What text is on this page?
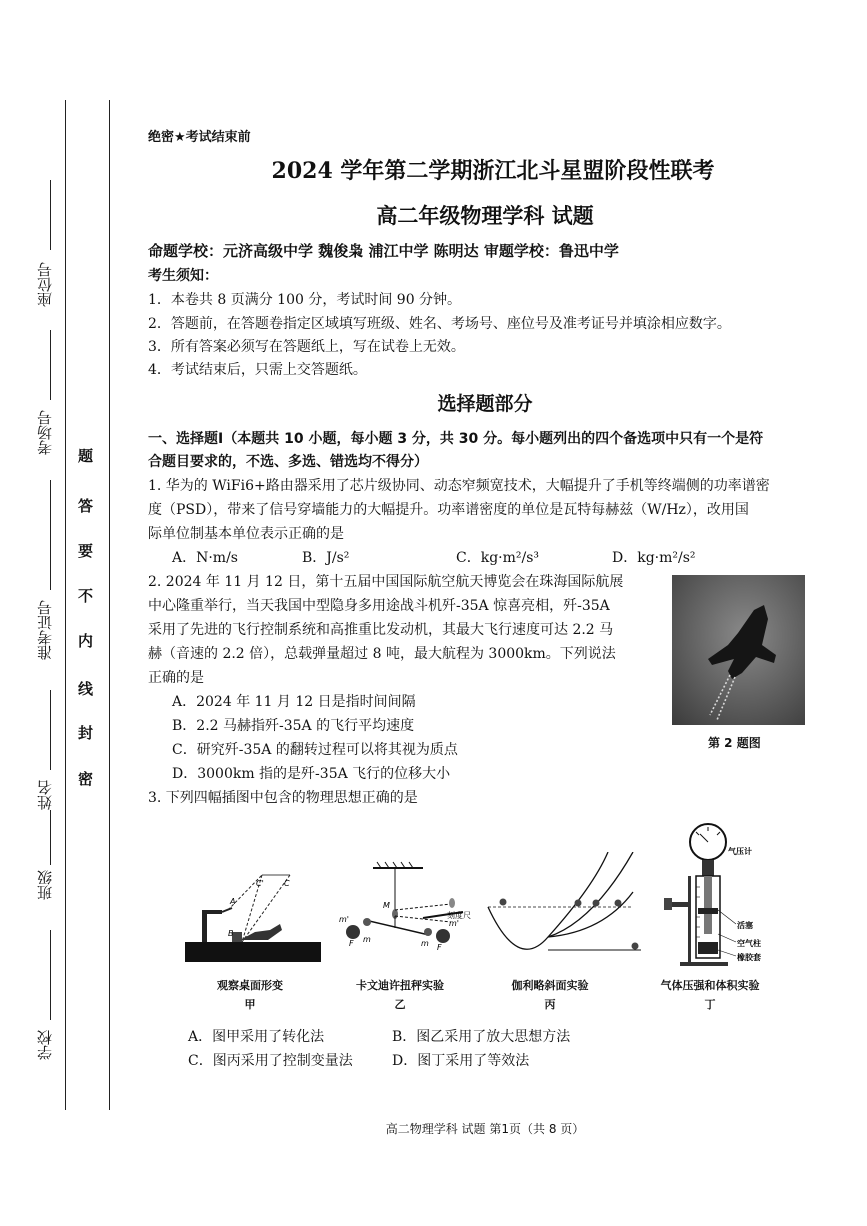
座位号
考场号
准考证号
姓名
班级
学校
题
答
要
不
内
线
封
密
绝密★考试结束前
2024 学年第二学期浙江北斗星盟阶段性联考
高二年级物理学科 试题
命题学校：元济高级中学 魏俊枭 浦江中学 陈明达 审题学校：鲁迅中学
考生须知：
1．本卷共 8 页满分 100 分，考试时间 90 分钟。
2．答题前，在答题卷指定区域填写班级、姓名、考场号、座位号及准考证号并填涂相应数字。
3．所有答案必须写在答题纸上，写在试卷上无效。
4．考试结束后，只需上交答题纸。
选择题部分
一、选择题Ⅰ（本题共 10 小题，每小题 3 分，共 30 分。每小题列出的四个备选项中只有一个是符
合题目要求的，不选、多选、错选均不得分）
1. 华为的 WiFi6+路由器采用了芯片级协同、动态窄频宽技术，大幅提升了手机等终端侧的功率谱密
度（PSD），带来了信号穿墙能力的大幅提升。功率谱密度的单位是瓦特每赫兹（W/Hz），改用国
际单位制基本单位表示正确的是
A．N·m/s	B．J/s²	C．kg·m²/s³	D．kg·m²/s²
2. 2024 年 11 月 12 日，第十五届中国国际航空航天博览会在珠海国际航展
中心隆重举行，当天我国中型隐身多用途战斗机歼-35A 惊喜亮相，歼-35A
采用了先进的飞行控制系统和高推重比发动机，其最大飞行速度可达 2.2 马
赫（音速的 2.2 倍），总载弹量超过 8 吨，最大航程为 3000km。下列说法
正确的是
A．2024 年 11 月 12 日是指时间间隔
B．2.2 马赫指歼-35A 的飞行平均速度
C．研究歼-35A 的翻转过程可以将其视为质点
D．3000km 指的是歼-35A 飞行的位移大小
第 2 题图
3. 下列四幅插图中包含的物理思想正确的是
C'	C
A
B
m'
m
m'
m
M
F	F
刻度尺
气压计
活塞
空气柱
橡胶套
观察桌面形变
甲
卡文迪许扭秤实验
乙
伽利略斜面实验
丙
气体压强和体积实验
丁
A．图甲采用了转化法	B．图乙采用了放大思想方法
C．图丙采用了控制变量法	D．图丁采用了等效法
高二物理学科 试题 第1页（共 8 页）
